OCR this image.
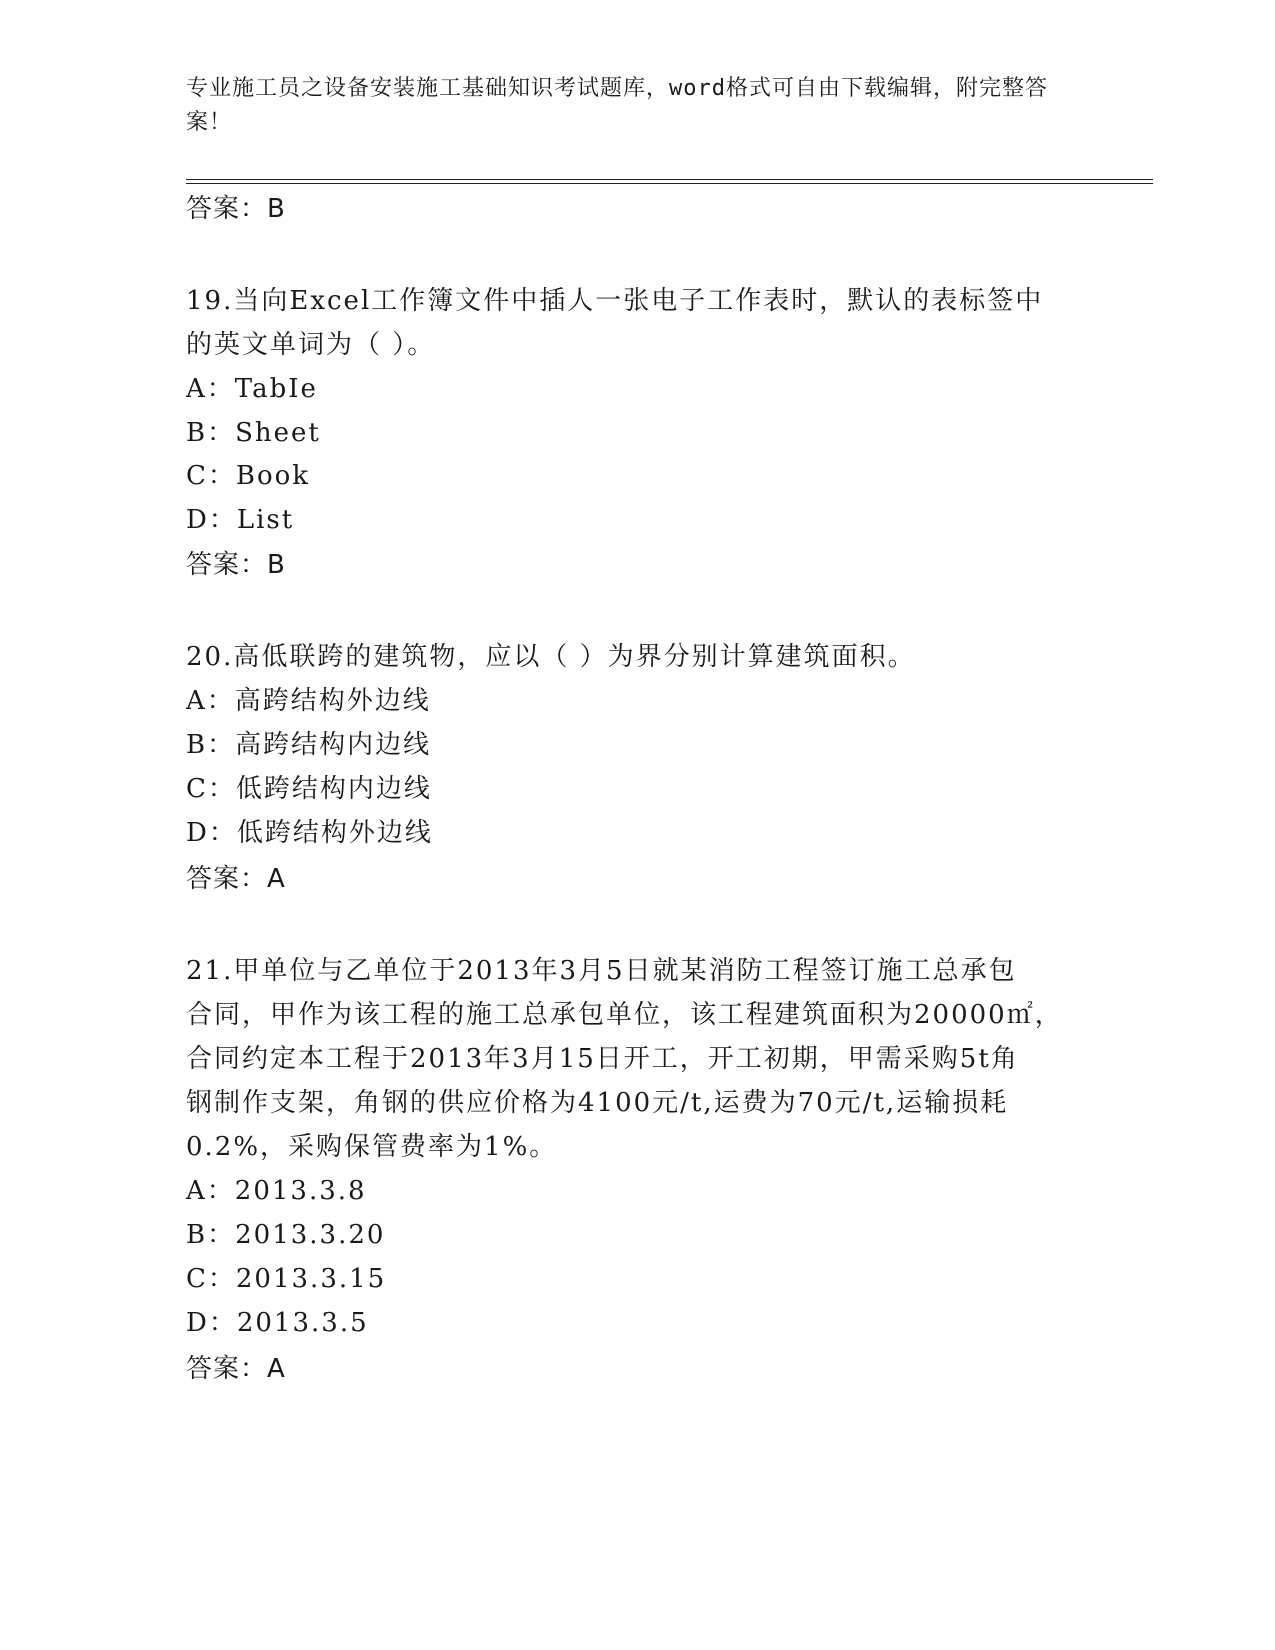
专业施工员之设备安装施工基础知识考试题库，word格式可自由下载编辑，附完整答案！
答案：B
19.当向Excel工作簿文件中插人一张电子工作表时，默认的表标签中
的英文单词为（ ）。
A：TabIe
B：Sheet
C：Book
D：List
答案：B
20.高低联跨的建筑物，应以（ ）为界分别计算建筑面积。
A：高跨结构外边线
B：高跨结构内边线
C：低跨结构内边线
D：低跨结构外边线
答案：A
21.甲单位与乙单位于2013年3月5日就某消防工程签订施工总承包
合同，甲作为该工程的施工总承包单位，该工程建筑面积为20000㎡，
合同约定本工程于2013年3月15日开工，开工初期，甲需采购5t角
钢制作支架，角钢的供应价格为4100元/t,运费为70元/t,运输损耗
0.2%，采购保管费率为1%。
A：2013.3.8
B：2013.3.20
C：2013.3.15
D：2013.3.5
答案：A
